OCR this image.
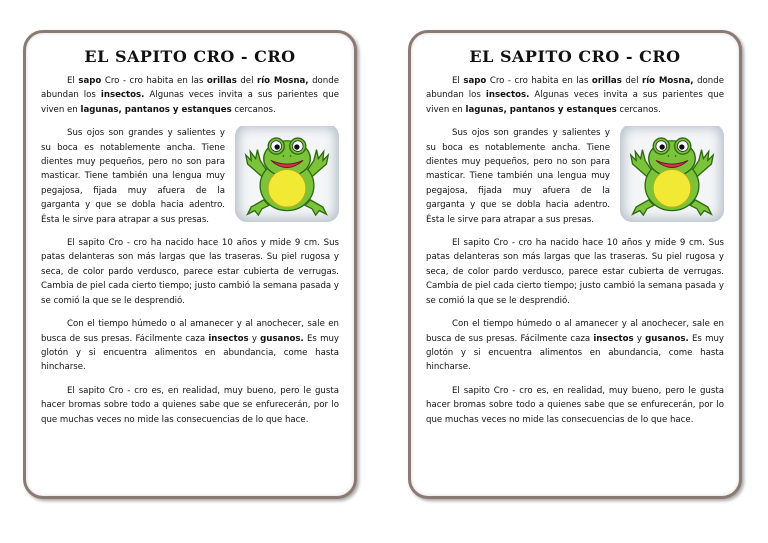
EL SAPITO CRO - CRO

El sapo Cro - cro habita en las orillas del río Mosna, donde abundan los insectos. Algunas veces invita a sus parientes que viven en lagunas, pantanos y estanques cercanos.

Sus ojos son grandes y salientes y su boca es notablemente ancha. Tiene dientes muy pequeños, pero no son para masticar. Tiene también una lengua muy pegajosa, fijada muy afuera de la garganta y que se dobla hacia adentro. Ésta le sirve para atrapar a sus presas.

El sapito Cro - cro ha nacido hace 10 años y mide 9 cm. Sus patas delanteras son más largas que las traseras. Su piel rugosa y seca, de color pardo verdusco, parece estar cubierta de verrugas. Cambia de piel cada cierto tiempo; justo cambió la semana pasada y se comió la que se le desprendió.

Con el tiempo húmedo o al amanecer y al anochecer, sale en busca de sus presas. Fácilmente caza insectos y gusanos. Es muy glotón y si encuentra alimentos en abundancia, come hasta hincharse.

El sapito Cro - cro es, en realidad, muy bueno, pero le gusta hacer bromas sobre todo a quienes sabe que se enfurecerán, por lo que muchas veces no mide las consecuencias de lo que hace.

EL SAPITO CRO - CRO

El sapo Cro - cro habita en las orillas del río Mosna, donde abundan los insectos. Algunas veces invita a sus parientes que viven en lagunas, pantanos y estanques cercanos.

Sus ojos son grandes y salientes y su boca es notablemente ancha. Tiene dientes muy pequeños, pero no son para masticar. Tiene también una lengua muy pegajosa, fijada muy afuera de la garganta y que se dobla hacia adentro. Ésta le sirve para atrapar a sus presas.

El sapito Cro - cro ha nacido hace 10 años y mide 9 cm. Sus patas delanteras son más largas que las traseras. Su piel rugosa y seca, de color pardo verdusco, parece estar cubierta de verrugas. Cambia de piel cada cierto tiempo; justo cambió la semana pasada y se comió la que se le desprendió.

Con el tiempo húmedo o al amanecer y al anochecer, sale en busca de sus presas. Fácilmente caza insectos y gusanos. Es muy glotón y si encuentra alimentos en abundancia, come hasta hincharse.

El sapito Cro - cro es, en realidad, muy bueno, pero le gusta hacer bromas sobre todo a quienes sabe que se enfurecerán, por lo que muchas veces no mide las consecuencias de lo que hace.
